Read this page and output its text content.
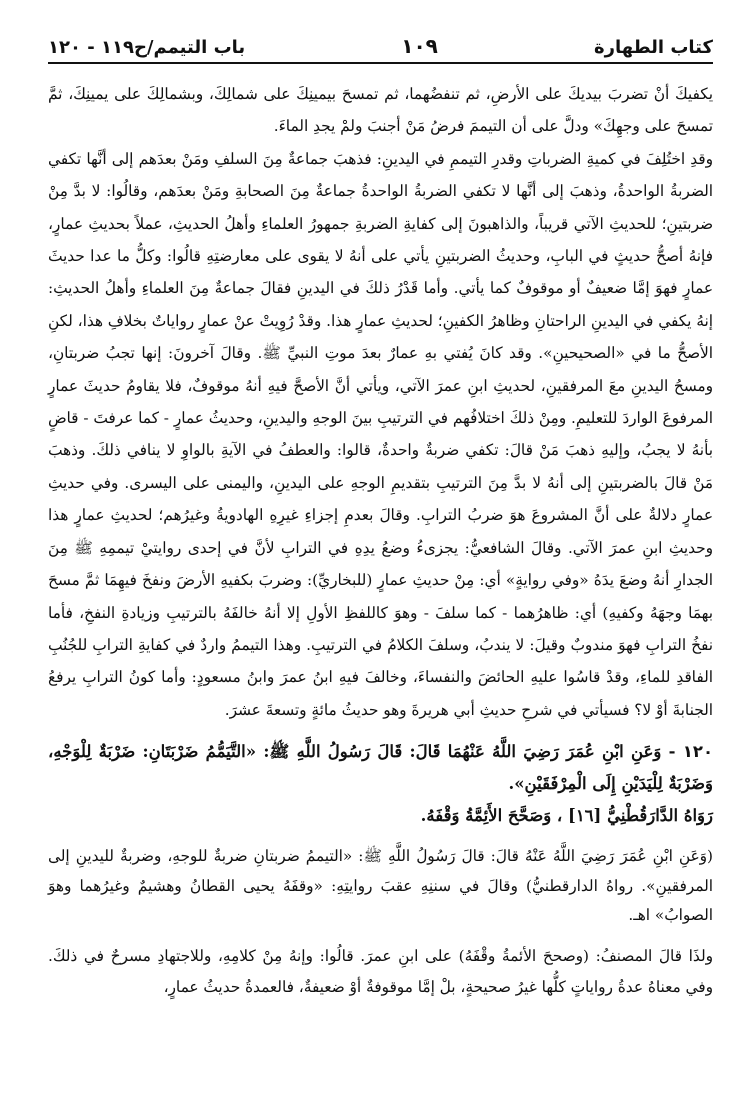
كتاب الطهارة
١٠٩
باب التيمم/ح١١٩ - ١٢٠

يكفيكَ أنْ تضربَ بيديكَ على الأرضِ، ثم تنفضُهما، ثم تمسحَ بيمينِكَ على شمالِكَ، وبشمالِكَ على يمينِكَ، ثمَّ تمسحَ على وجهِكَ» ودلَّ على أن التيممَ فرضُ مَنْ أجنبَ ولمْ يجدِ الماءَ.

وقدِ اختُلِفَ في كميةِ الضرباتِ وقدرِ التيممِ في اليدينِ: فذهبَ جماعةٌ مِنَ السلفِ ومَنْ بعدَهم إلى أنَّها تكفي الضربةُ الواحدةُ، وذهبَ إلى أنَّها لا تكفي الضربةُ الواحدةُ جماعةٌ مِنَ الصحابةِ ومَنْ بعدَهم، وقالُوا: لا بدَّ مِنْ ضربتينِ؛ للحديثِ الآتي قريباً، والذاهبونَ إلى كفايةِ الضربةِ جمهورُ العلماءِ وأهلُ الحديثِ، عملاً بحديثِ عمارٍ، فإنهُ أصحُّ حديثٍ في البابِ، وحديثُ الضربتينِ يأتي على أنهُ لا يقوى على معارضتِهِ قالُوا: وكلُّ ما عدا حديثَ عمارٍ فهوَ إمَّا ضعيفٌ أو موقوفٌ كما يأتي. وأما قَدْرُ ذلكَ في اليدينِ فقالَ جماعةٌ مِنَ العلماءِ وأهلُ الحديثِ: إنهُ يكفي في اليدينِ الراحتانِ وظاهرُ الكفينِ؛ لحديثِ عمارٍ هذا. وقدْ رُوِيتْ عنْ عمارٍ رواياتٌ بخلافِ هذا، لكنِ الأصحُّ ما في «الصحيحينِ». وقد كانَ يُفتي بهِ عمارٌ بعدَ موتِ النبيِّ ﷺ. وقالَ آخرونَ: إنها تجبُ ضربتانِ، ومسحُ اليدينِ معَ المرفقينِ، لحديثِ ابنِ عمرَ الآتي، ويأتي أنَّ الأصحَّ فيهِ أنهُ موقوفٌ، فلا يقاومُ حديثَ عمارٍ المرفوعَ الواردَ للتعليمِ. ومِنْ ذلكَ اختلافُهم في الترتيبِ بينَ الوجهِ واليدينِ، وحديثُ عمارٍ - كما عرفتَ - قاضٍ بأنهُ لا يجبُ، وإليهِ ذهبَ مَنْ قالَ: تكفي ضربةٌ واحدةٌ، قالوا: والعطفُ في الآيةِ بالواوِ لا ينافي ذلكَ. وذهبَ مَنْ قالَ بالضربتينِ إلى أنهُ لا بدَّ مِنَ الترتيبِ بتقديمِ الوجهِ على اليدينِ، واليمنى على اليسرى. وفي حديثِ عمارٍ دلالةٌ على أنَّ المشروعَ هوَ ضربُ الترابِ. وقالَ بعدمِ إجزاءِ غيرِهِ الهادويةُ وغيرُهم؛ لحديثِ عمارٍ هذا وحديثِ ابنِ عمرَ الآتي. وقالَ الشافعيُّ: يجزىءُ وضعُ يدِهِ في الترابِ لأنَّ في إحدى روايتيْ تيممِهِ ﷺ مِنَ الجدارِ أنهُ وضعَ يدَهُ «وفي روايةٍ» أي: مِنْ حديثِ عمارٍ (للبخاريِّ): وضربَ بكفيهِ الأرضَ ونفخَ فيهِمَا ثمَّ مسحَ بهمَا وجهَهُ وكفيهِ) أي: ظاهرُهما - كما سلفَ - وهوَ كاللفظِ الأولِ إلا أنهُ خالفَهُ بالترتيبِ وزيادةِ النفخِ، فأما نفخُ الترابِ فهوَ مندوبٌ وقيلَ: لا يندبُ، وسلفَ الكلامُ في الترتيبِ. وهذا التيممُ واردٌ في كفايةِ الترابِ للجُنُبِ الفاقدِ للماءِ، وقدْ قاسُوا عليهِ الحائضَ والنفساءَ، وخالفَ فيهِ ابنُ عمرَ وابنُ مسعودٍ: وأما كونُ الترابِ يرفعُ الجنابةَ أوْ لا؟ فسيأتي في شرحِ حديثِ أبي هريرةَ وهو حديثُ مائةٍ وتسعةَ عشرَ.

١٢٠ - وَعَنِ ابْنِ عُمَرَ رَضِيَ اللَّهُ عَنْهُمَا قَالَ: قَالَ رَسُولُ اللَّهِ ﷺ: «التَّيَمُّمُ ضَرْبَتَانِ: ضَرْبَةٌ لِلْوَجْهِ، وَضَرْبَةٌ لِلْيَدَيْنِ إِلَى الْمِرْفَقَيْنِ».

رَوَاهُ الدَّارَقُطْنِيُّ [١٦] ، وَصَحَّحَ الأَئِمَّةُ وَقْفَهُ.

(وَعَنِ ابْنِ عُمَرَ رَضِيَ اللَّهُ عَنْهُ قالَ: قالَ رَسُولُ اللَّهِ ﷺ: «التيممُ ضربتانِ ضربةٌ للوجهِ، وضربةٌ لليدينِ إلى المرفقينِ». رواهُ الدارقطنيُّ) وقالَ في سننِهِ عقبَ روايتِهِ: «وقفَهُ يحيى القطانُ وهشيمٌ وغيرُهما وهوَ الصوابُ» اهـ.

ولذَا قالَ المصنفُ: (وصححَ الأئمةُ وقْفَهُ) على ابنِ عمرَ. قالُوا: وإنهُ مِنْ كلامِهِ، وللاجتهادِ مسرحٌ في ذلكَ. وفي معناهُ عدةُ رواياتٍ كلُّها غيرُ صحيحةٍ، بلْ إمَّا موقوفةٌ أوْ ضعيفةٌ، فالعمدةُ حديثُ عمارٍ،
